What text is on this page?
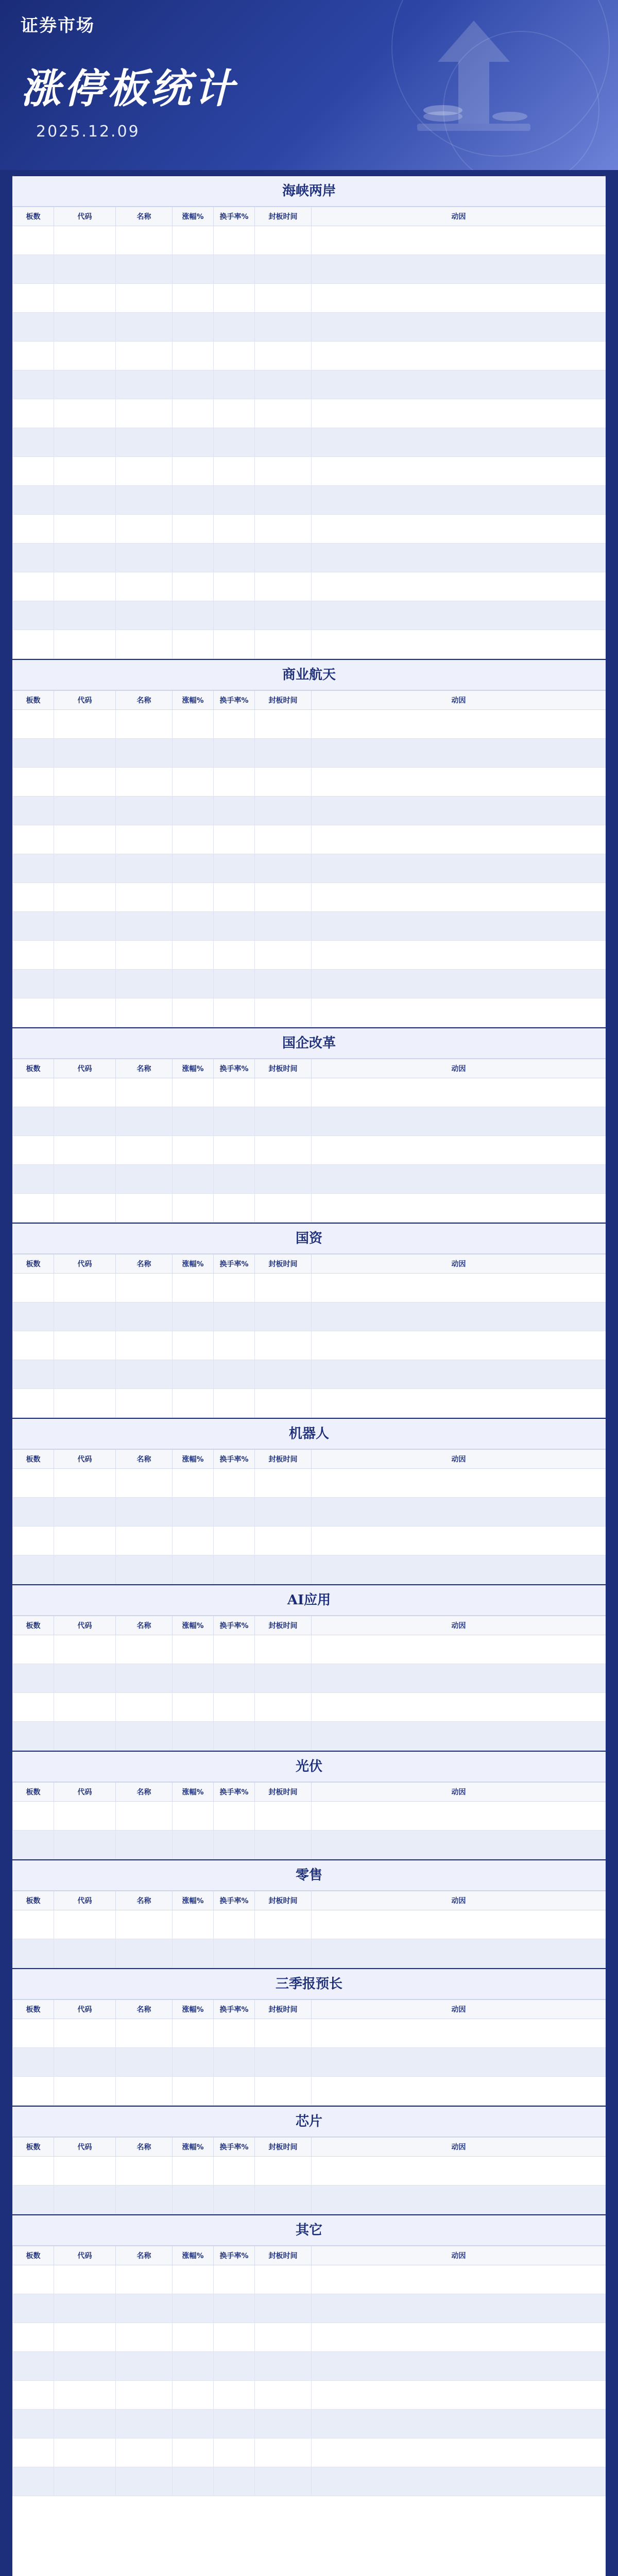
证券市场
涨停板统计
2025.12.09
海峡两岸
板数	代码	名称	涨幅%	换手率%	封板时间	动因

商业航天
板数	代码	名称	涨幅%	换手率%	封板时间	动因

国企改革
板数	代码	名称	涨幅%	换手率%	封板时间	动因

国资
板数	代码	名称	涨幅%	换手率%	封板时间	动因

机器人
板数	代码	名称	涨幅%	换手率%	封板时间	动因

AI应用
板数	代码	名称	涨幅%	换手率%	封板时间	动因

光伏
板数	代码	名称	涨幅%	换手率%	封板时间	动因

零售
板数	代码	名称	涨幅%	换手率%	封板时间	动因

三季报预长
板数	代码	名称	涨幅%	换手率%	封板时间	动因

芯片
板数	代码	名称	涨幅%	换手率%	封板时间	动因

其它
板数	代码	名称	涨幅%	换手率%	封板时间	动因
